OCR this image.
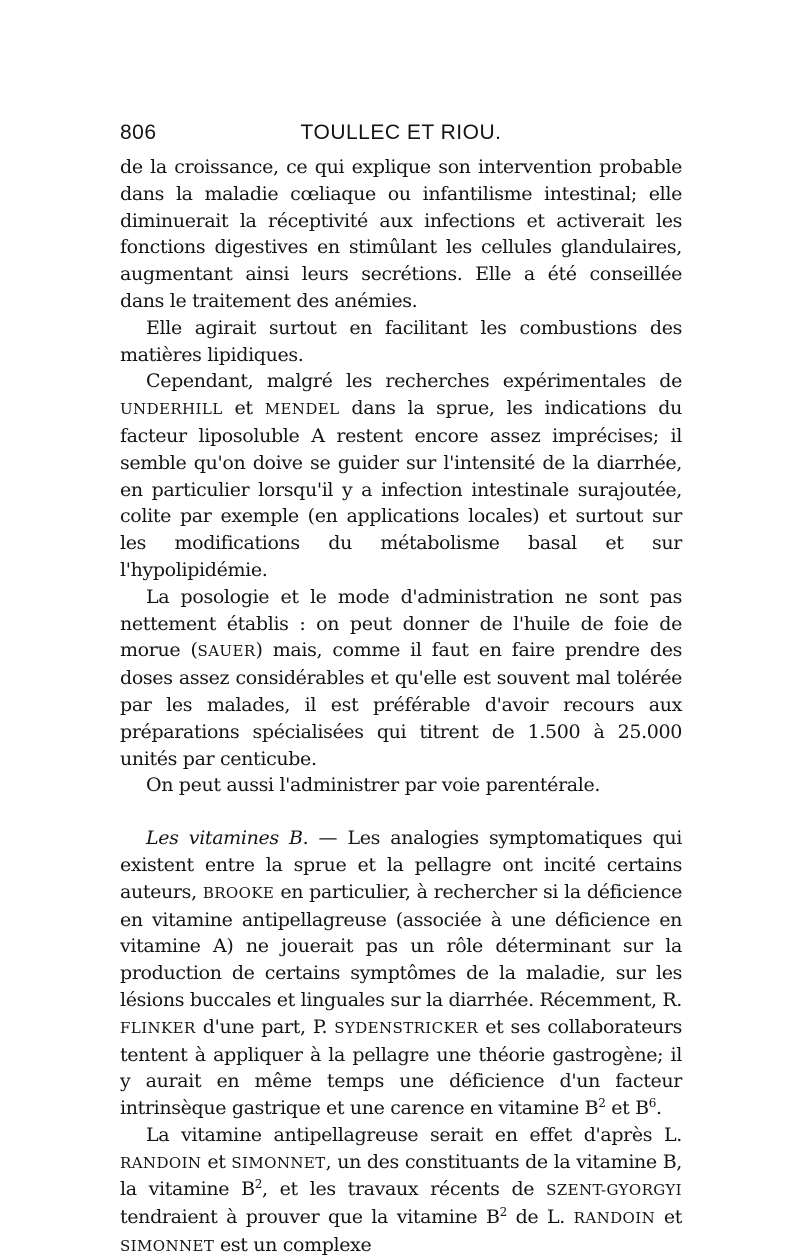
806	TOULLEC ET RIOU.

de la croissance, ce qui explique son intervention probable dans la maladie cœliaque ou infantilisme intestinal; elle diminuerait la réceptivité aux infections et activerait les fonctions digestives en stimûlant les cellules glandulaires, augmentant ainsi leurs secrétions. Elle a été conseillée dans le traitement des anémies.

Elle agirait surtout en facilitant les combustions des matières lipidiques.

Cependant, malgré les recherches expérimentales de UNDERHILL et MENDEL dans la sprue, les indications du facteur liposoluble A restent encore assez imprécises; il semble qu'on doive se guider sur l'intensité de la diarrhée, en particulier lorsqu'il y a infection intestinale surajoutée, colite par exemple (en applications locales) et surtout sur les modifications du métabolisme basal et sur l'hypolipidémie.

La posologie et le mode d'administration ne sont pas nettement établis : on peut donner de l'huile de foie de morue (SAUER) mais, comme il faut en faire prendre des doses assez considérables et qu'elle est souvent mal tolérée par les malades, il est préférable d'avoir recours aux préparations spécialisées qui titrent de 1.500 à 25.000 unités par centicube.

On peut aussi l'administrer par voie parentérale.

Les vitamines B. — Les analogies symptomatiques qui existent entre la sprue et la pellagre ont incité certains auteurs, BROOKE en particulier, à rechercher si la déficience en vitamine antipellagreuse (associée à une déficience en vitamine A) ne jouerait pas un rôle déterminant sur la production de certains symptômes de la maladie, sur les lésions buccales et linguales sur la diarrhée. Récemment, R. FLINKER d'une part, P. SYDENSTRICKER et ses collaborateurs tentent à appliquer à la pellagre une théorie gastrogène; il y aurait en même temps une déficience d'un facteur intrinsèque gastrique et une carence en vitamine $B^2$ et $B^6$.

La vitamine antipellagreuse serait en effet d'après L. RANDOIN et SIMONNET, un des constituants de la vitamine B, la vitamine $B^2$, et les travaux récents de SZENT-GYORGYI tendraient à prouver que la vitamine $B^2$ de L. RANDOIN et SIMONNET est un complexe
